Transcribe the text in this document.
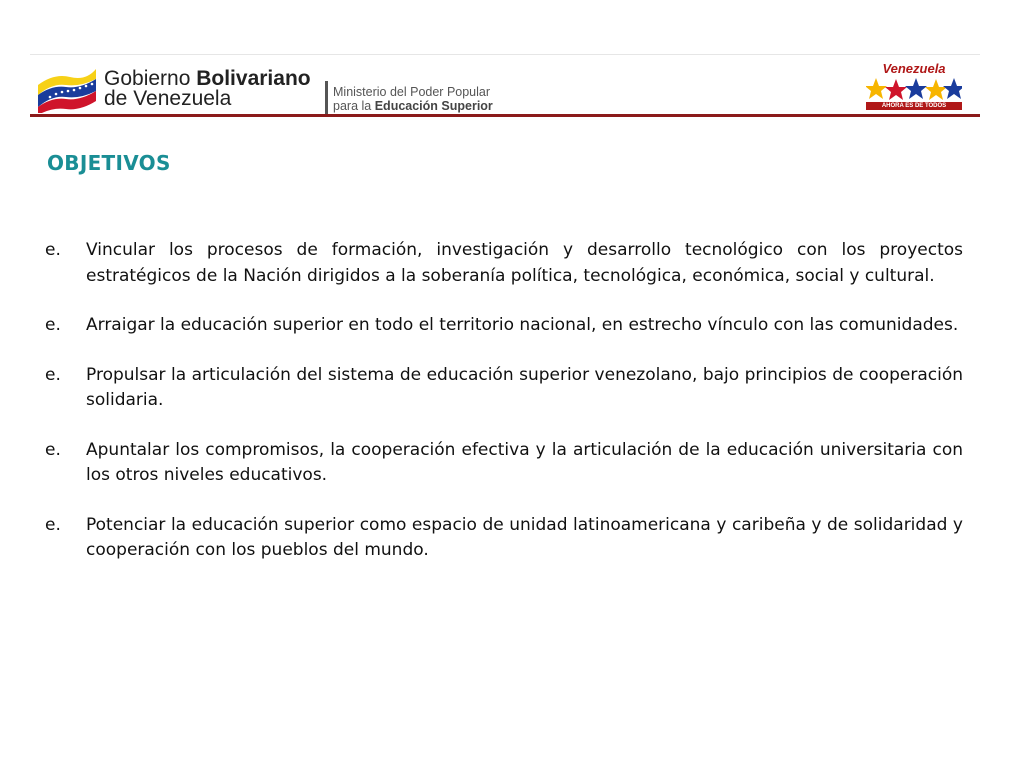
Gobierno Bolivariano
de Venezuela	Ministerio del Poder Popular
para la Educación Superior
Venezuela
AHORA ES DE TODOS
OBJETIVOS
e.	Vincular los procesos de formación, investigación y desarrollo tecnológico con los proyectos estratégicos de la Nación dirigidos a la soberanía política, tecnológica, económica, social y cultural.
e.	Arraigar la educación superior en todo el territorio nacional, en estrecho vínculo con las comunidades.
e.	Propulsar la articulación del sistema de educación superior venezolano, bajo principios de cooperación solidaria.
e.	Apuntalar los compromisos, la cooperación efectiva y la articulación de la educación universitaria con los otros niveles educativos.
e.	Potenciar la educación superior como espacio de unidad latinoamericana y caribeña y de solidaridad y cooperación con los pueblos del mundo.
